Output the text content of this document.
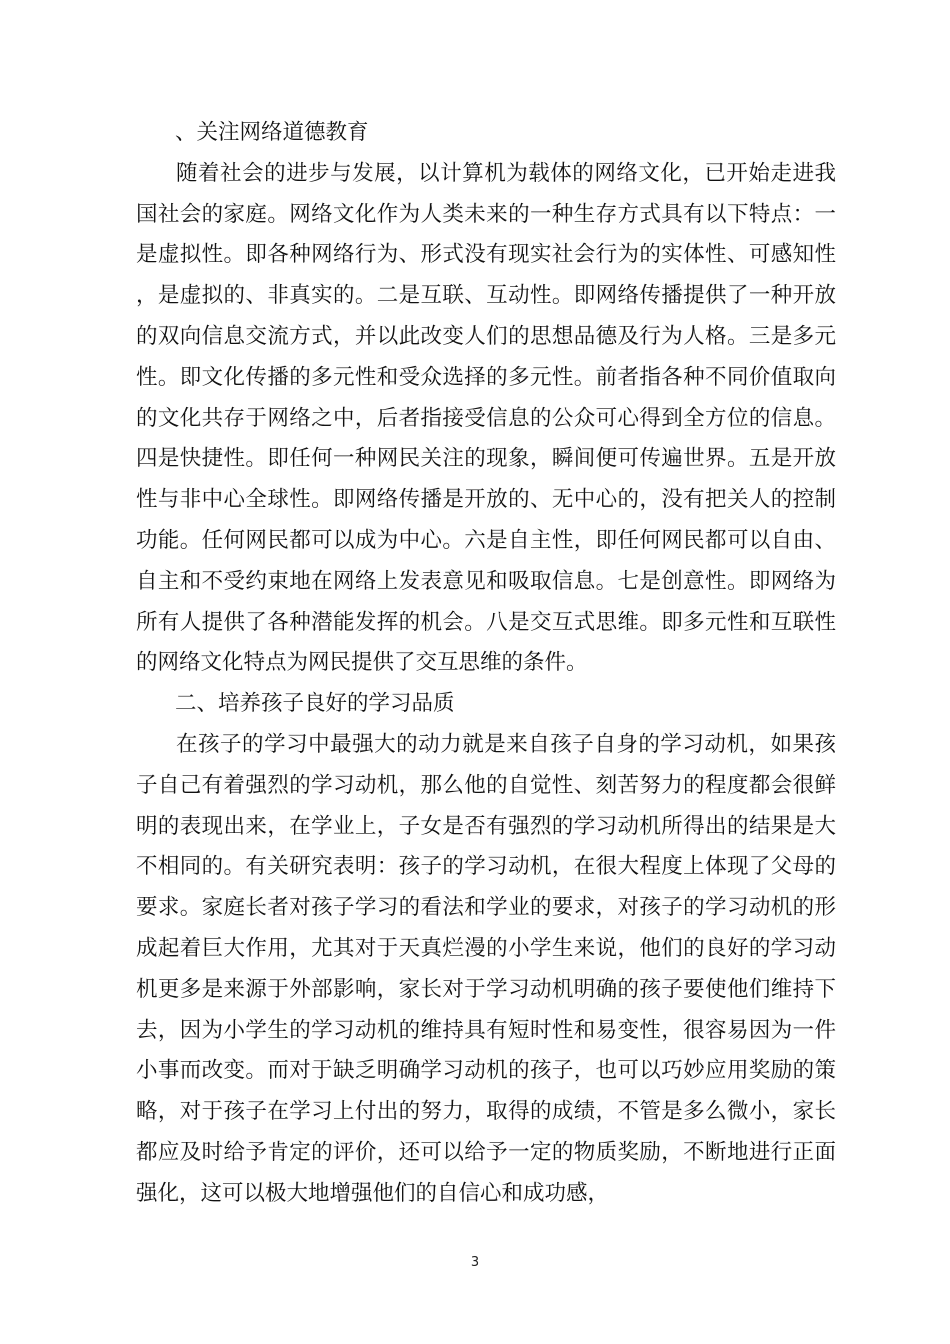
、关注网络道德教育

随着社会的进步与发展，以计算机为载体的网络文化，已开始走进我国社会的家庭。网络文化作为人类未来的一种生存方式具有以下特点：一是虚拟性。即各种网络行为、形式没有现实社会行为的实体性、可感知性，是虚拟的、非真实的。二是互联、互动性。即网络传播提供了一种开放的双向信息交流方式，并以此改变人们的思想品德及行为人格。三是多元性。即文化传播的多元性和受众选择的多元性。前者指各种不同价值取向的文化共存于网络之中，后者指接受信息的公众可心得到全方位的信息。四是快捷性。即任何一种网民关注的现象，瞬间便可传遍世界。五是开放性与非中心全球性。即网络传播是开放的、无中心的，没有把关人的控制功能。任何网民都可以成为中心。六是自主性，即任何网民都可以自由、自主和不受约束地在网络上发表意见和吸取信息。七是创意性。即网络为所有人提供了各种潜能发挥的机会。八是交互式思维。即多元性和互联性的网络文化特点为网民提供了交互思维的条件。

二、培养孩子良好的学习品质

在孩子的学习中最强大的动力就是来自孩子自身的学习动机，如果孩子自己有着强烈的学习动机，那么他的自觉性、刻苦努力的程度都会很鲜明的表现出来，在学业上，子女是否有强烈的学习动机所得出的结果是大不相同的。有关研究表明：孩子的学习动机，在很大程度上体现了父母的要求。家庭长者对孩子学习的看法和学业的要求，对孩子的学习动机的形成起着巨大作用，尤其对于天真烂漫的小学生来说，他们的良好的学习动机更多是来源于外部影响，家长对于学习动机明确的孩子要使他们维持下去，因为小学生的学习动机的维持具有短时性和易变性，很容易因为一件小事而改变。而对于缺乏明确学习动机的孩子，也可以巧妙应用奖励的策略，对于孩子在学习上付出的努力，取得的成绩，不管是多么微小，家长都应及时给予肯定的评价，还可以给予一定的物质奖励，不断地进行正面强化，这可以极大地增强他们的自信心和成功感，

3
